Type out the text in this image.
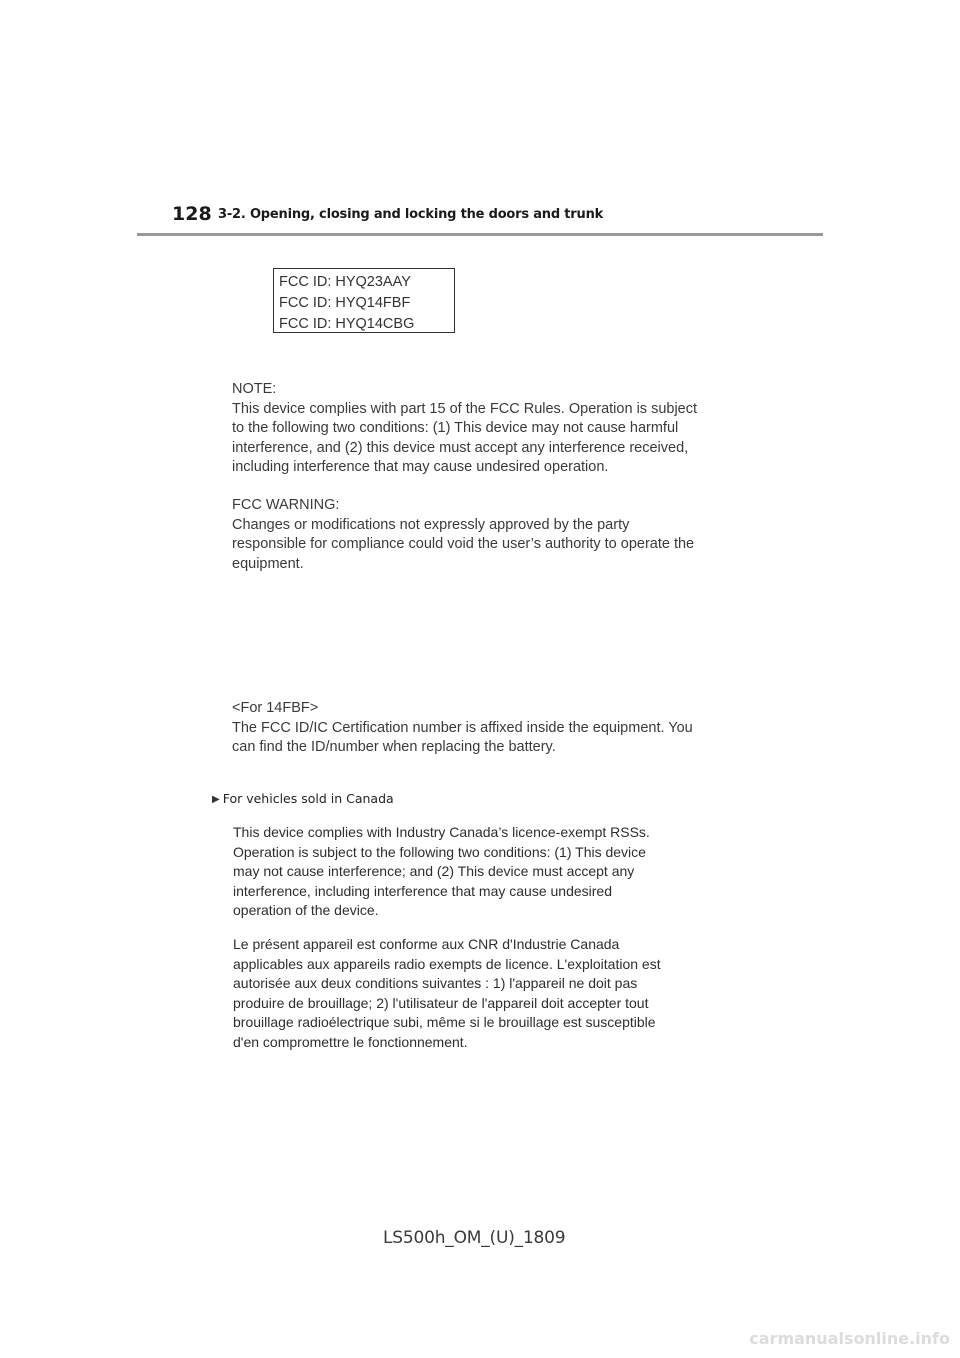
128 3-2. Opening, closing and locking the doors and trunk
FCC ID: HYQ23AAY
FCC ID: HYQ14FBF
FCC ID: HYQ14CBG

NOTE:

This device complies with part 15 of the FCC Rules. Operation is subject

to the following two conditions: (1) This device may not cause harmful

interference, and (2) this device must accept any interference received,

including interference that may cause undesired operation.

FCC WARNING:

Changes or modifications not expressly approved by the party

responsible for compliance could void the user’s authority to operate the

equipment.

<For 14FBF>

The FCC ID/IC Certification number is affixed inside the equipment. You

can find the ID/number when replacing the battery.

▶ For vehicles sold in Canada

This device complies with Industry Canada’s licence-exempt RSSs.

Operation is subject to the following two conditions: (1) This device

may not cause interference; and (2) This device must accept any

interference, including interference that may cause undesired

operation of the device.

Le présent appareil est conforme aux CNR d'Industrie Canada

applicables aux appareils radio exempts de licence. L'exploitation est

autorisée aux deux conditions suivantes : 1) l'appareil ne doit pas

produire de brouillage; 2) l'utilisateur de l'appareil doit accepter tout

brouillage radioélectrique subi, même si le brouillage est susceptible

d'en compromettre le fonctionnement.

LS500h_OM_(U)_1809
carmanualsonline.info
